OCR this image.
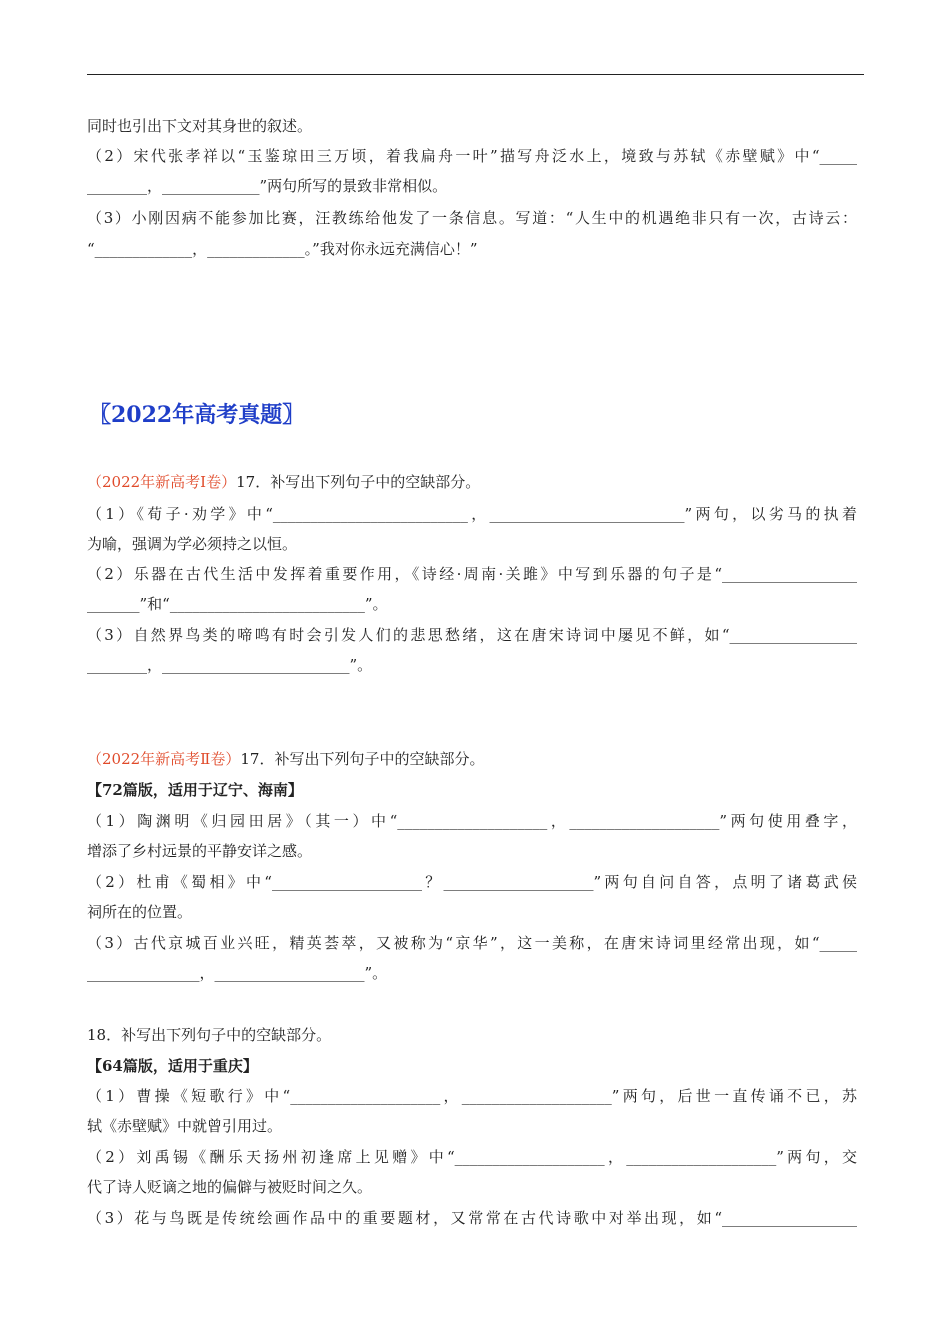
同时也引出下文对其身世的叙述。
（2）宋代张孝祥以“玉鉴琼田三万顷，着我扁舟一叶”描写舟泛水上，境致与苏轼《赤壁赋》中“_____
________，_____________”两句所写的景致非常相似。
（3）小刚因病不能参加比赛，汪教练给他发了一条信息。写道：“人生中的机遇绝非只有一次，古诗云：
“_____________，_____________。”我对你永远充满信心！”
〖2022年高考真题〗
（2022年新高考Ⅰ卷）17．补写出下列句子中的空缺部分。
（1）《荀子·劝学》中“__________________________，__________________________”两句，以劣马的执着
为喻，强调为学必须持之以恒。
（2）乐器在古代生活中发挥着重要作用，《诗经·周南·关雎》中写到乐器的句子是“__________________
_______”和“__________________________”。
（3）自然界鸟类的啼鸣有时会引发人们的悲思愁绪，这在唐宋诗词中屡见不鲜，如“_________________
________，_________________________”。
（2022年新高考Ⅱ卷）17．补写出下列句子中的空缺部分。
【72篇版，适用于辽宁、海南】
（1）陶渊明《归园田居》（其一）中“____________________，____________________”两句使用叠字，
增添了乡村远景的平静安详之感。
（2）杜甫《蜀相》中“____________________？____________________”两句自问自答，点明了诸葛武侯
祠所在的位置。
（3）古代京城百业兴旺，精英荟萃，又被称为“京华”，这一美称，在唐宋诗词里经常出现，如“_____
_______________，____________________”。
18．补写出下列句子中的空缺部分。
【64篇版，适用于重庆】
（1）曹操《短歌行》中“____________________，____________________”两句，后世一直传诵不已，苏
轼《赤壁赋》中就曾引用过。
（2）刘禹锡《酬乐天扬州初逢席上见赠》中“____________________，____________________”两句，交
代了诗人贬谪之地的偏僻与被贬时间之久。
（3）花与鸟既是传统绘画作品中的重要题材，又常常在古代诗歌中对举出现，如“__________________
